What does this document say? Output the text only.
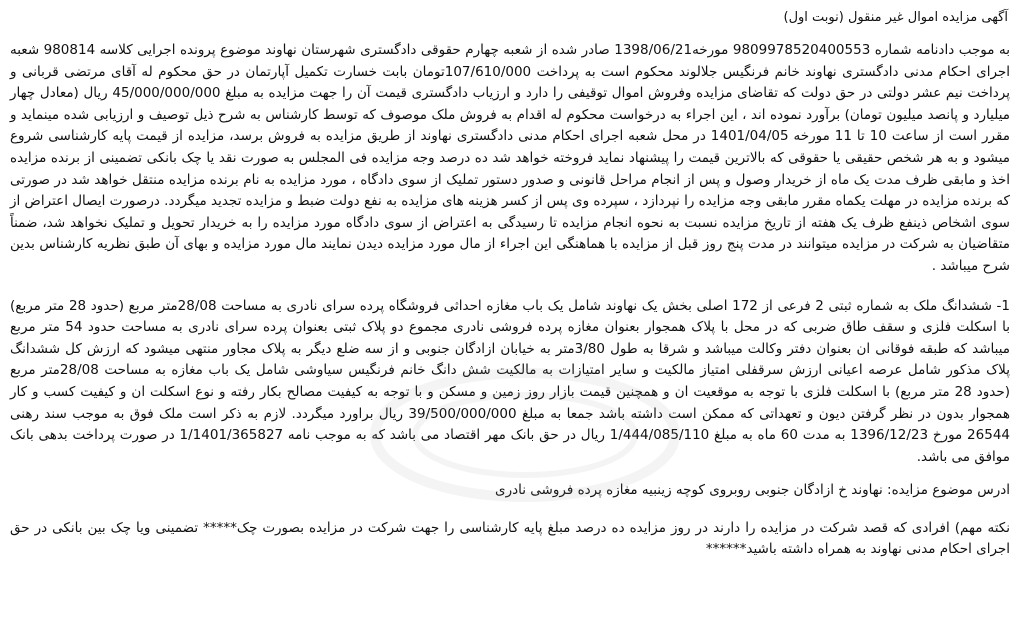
آگهی مزایده اموال غیر منقول (نوبت اول)
به موجب دادنامه شماره 9809978520400553 مورخه1398/06/21 صادر شده از شعبه چهارم حقوقی دادگستری شهرستان نهاوند موضوع پرونده اجرایی کلاسه 980814 شعبه اجرای احکام مدنی دادگستری نهاوند خانم فرنگیس جلالوند محکوم است به پرداخت 107/610/000تومان بابت خسارت تکمیل آپارتمان در حق محکوم له آقای مرتضی قربانی و پرداخت نیم عشر دولتی در حق دولت که تقاضای مزایده وفروش اموال توقیفی را دارد و ارزیاب دادگستری قیمت آن را جهت مزایده به مبلغ 45/000/000/000 ریال (معادل چهار میلیارد و پانصد میلیون تومان) برآورد نموده اند ، این اجراء به درخواست محکوم له اقدام به فروش ملک موصوف که توسط کارشناس به شرح ذیل توصیف و ارزیابی شده مینماید و مقرر است از ساعت 10 تا 11 مورخه 1401/04/05 در محل شعبه اجرای احکام مدنی دادگستری نهاوند از طریق مزایده به فروش برسد، مزایده از قیمت پایه کارشناسی شروع میشود و به هر شخص حقیقی یا حقوقی که بالاترین قیمت را پیشنهاد نماید فروخته خواهد شد ده درصد وجه مزایده فی المجلس به صورت نقد یا چک بانکی تضمینی از برنده مزایده اخذ و مابقی ظرف مدت یک ماه از خریدار وصول و پس از انجام مراحل قانونی و صدور دستور تملیک از سوی دادگاه ، مورد مزایده به نام برنده مزایده منتقل خواهد شد در صورتی که برنده مزایده در مهلت یکماه مقرر مابقی وجه مزایده را نپردازد ، سپرده وی پس از کسر هزینه های مزایده به نفع دولت ضبط و مزایده تجدید میگردد. درصورت ایصال اعتراض از سوی اشخاص ذینفع ظرف یک هفته از تاریخ مزایده نسبت به نحوه انجام مزایده تا رسیدگی به اعتراض از سوی دادگاه مورد مزایده را به خریدار تحویل و تملیک نخواهد شد، ضمناً متقاضیان به شرکت در مزایده میتوانند در مدت پنج روز قبل از مزایده با هماهنگی این اجراء از مال مورد مزایده دیدن نمایند مال مورد مزایده و بهای آن طبق نظریه کارشناس بدین شرح میباشد .
1- ششدانگ ملک به شماره ثبتی 2 فرعی از 172 اصلی بخش یک نهاوند شامل یک باب مغازه احداثی فروشگاه پرده سرای نادری به مساحت 28/08متر مربع (حدود 28 متر مربع) با اسکلت فلزی و سقف طاق ضربی که در محل با پلاک همجوار بعنوان مغازه پرده فروشی نادری مجموع دو پلاک ثبتی بعنوان پرده سرای نادری به مساحت حدود 54 متر مربع میباشد که طبقه فوقانی ان بعنوان دفتر وکالت میباشد و شرقا به طول 3/80متر به خیابان ازادگان جنوبی و از سه ضلع دیگر به پلاک مجاور منتهی میشود که ارزش کل ششدانگ پلاک مذکور شامل عرصه اعیانی ارزش سرقفلی امتیاز مالکیت و سایر امتیازات به مالکیت شش دانگ خانم فرنگیس سیاوشی شامل یک باب مغازه به مساحت 28/08متر مربع (حدود 28 متر مربع) با اسکلت فلزی با توجه به موقعیت ان و همچنین قیمت بازار روز زمین و مسکن و با توجه به کیفیت مصالح بکار رفته و نوع اسکلت ان و کیفیت کسب و کار همجوار بدون در نظر گرفتن دیون و تعهداتی که ممکن است داشته باشد جمعا به مبلغ 39/500/000/000 ریال براورد میگردد. لازم به ذکر است ملک فوق به موجب سند رهنی 26544 مورخ 1396/12/23 به مدت 60 ماه به مبلغ 1/444/085/110 ریال در حق بانک مهر اقتصاد می باشد که به موجب نامه 1/1401/365827 در صورت پرداخت بدهی بانک موافق می باشد.
ادرس موضوع مزایده: نهاوند خ ازادگان جنوبی روبروی کوچه زینبیه مغازه پرده فروشی نادری
نکته مهم) افرادی که قصد شرکت در مزایده را دارند در روز مزایده ده درصد مبلغ پایه کارشناسی را جهت شرکت در مزایده بصورت چک***** تضمینی ویا چک بین بانکی در حق اجرای احکام مدنی نهاوند به همراه داشته باشید******
